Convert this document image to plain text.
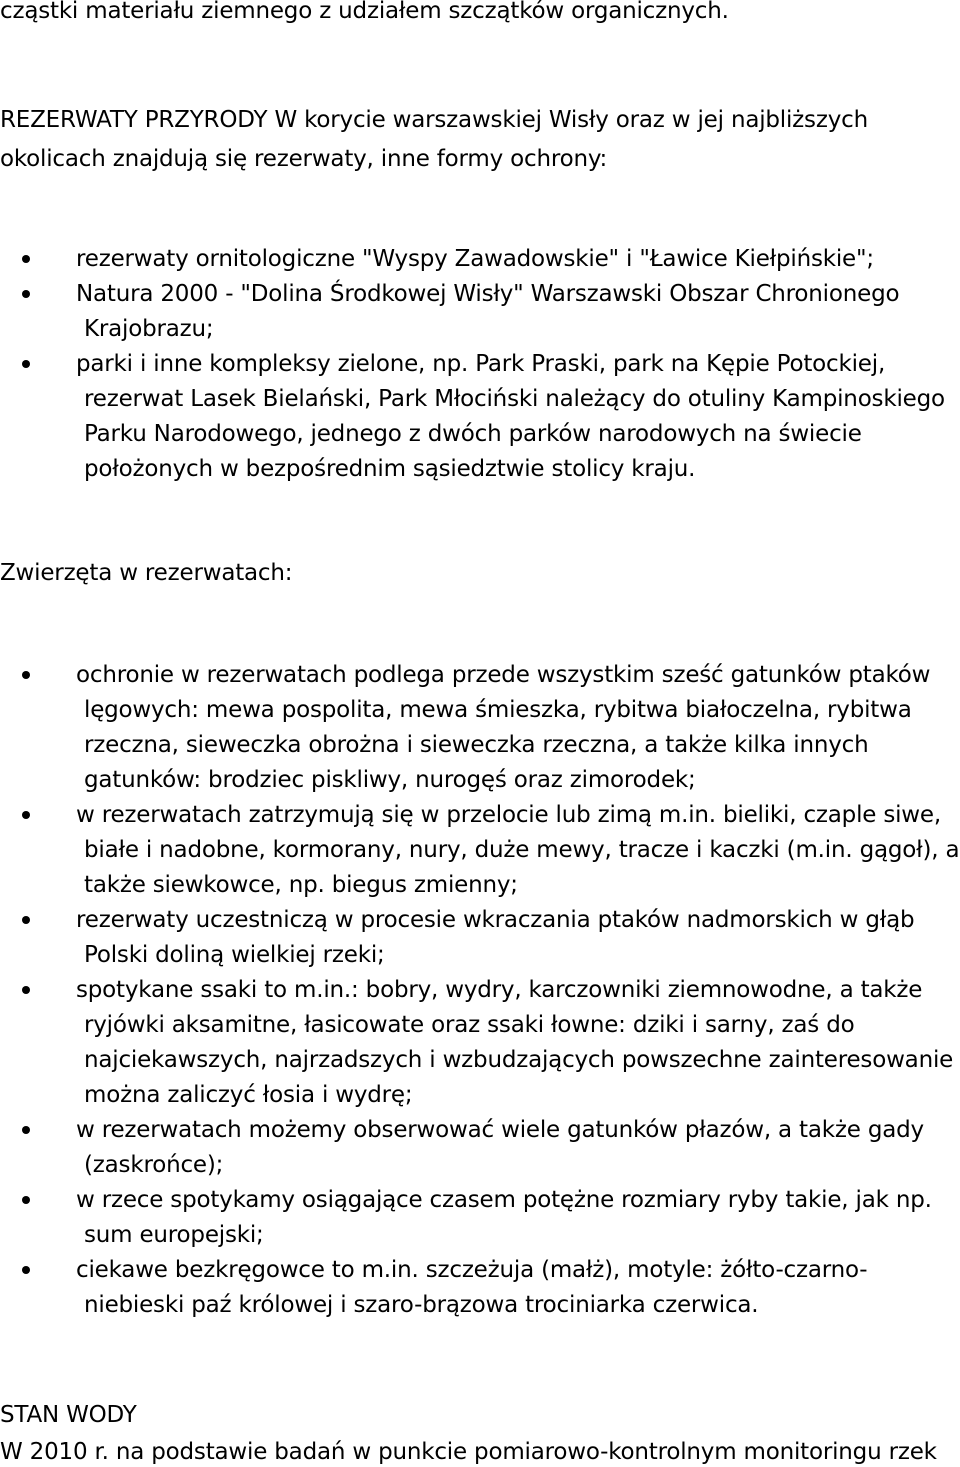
cząstki materiału ziemnego z udziałem szczątków organicznych.
REZERWATY PRZYRODY W korycie warszawskiej Wisły oraz w jej najbliższych
okolicach znajdują się rezerwaty, inne formy ochrony:
rezerwaty ornitologiczne "Wyspy Zawadowskie" i "Ławice Kiełpińskie";
Natura 2000 - "Dolina Środkowej Wisły" Warszawski Obszar Chronionego Krajobrazu;
parki i inne kompleksy zielone, np. Park Praski, park na Kępie Potockiej, rezerwat Lasek Bielański, Park Młociński należący do otuliny Kampinoskiego Parku Narodowego, jednego z dwóch parków narodowych na świecie położonych w bezpośrednim sąsiedztwie stolicy kraju.
Zwierzęta w rezerwatach:
ochronie w rezerwatach podlega przede wszystkim sześć gatunków ptaków lęgowych: mewa pospolita, mewa śmieszka, rybitwa białoczelna, rybitwa rzeczna, sieweczka obrożna i sieweczka rzeczna, a także kilka innych gatunków: brodziec piskliwy, nurogęś oraz zimorodek;
w rezerwatach zatrzymują się w przelocie lub zimą m.in. bieliki, czaple siwe, białe i nadobne, kormorany, nury, duże mewy, tracze i kaczki (m.in. gągoł), a także siewkowce, np. biegus zmienny;
rezerwaty uczestniczą w procesie wkraczania ptaków nadmorskich w głąb Polski doliną wielkiej rzeki;
spotykane ssaki to m.in.: bobry, wydry, karczowniki ziemnowodne, a także ryjówki aksamitne, łasicowate oraz ssaki łowne: dziki i sarny, zaś do najciekawszych, najrzadszych i wzbudzających powszechne zainteresowanie można zaliczyć łosia i wydrę;
w rezerwatach możemy obserwować wiele gatunków płazów, a także gady (zaskrońce);
w rzece spotykamy osiągające czasem potężne rozmiary ryby takie, jak np. sum europejski;
ciekawe bezkręgowce to m.in. szczeżuja (małż), motyle: żółto-czarno-niebieski paź królowej i szaro-brązowa trociniarka czerwica.
STAN WODY
W 2010 r. na podstawie badań w punkcie pomiarowo-kontrolnym monitoringu rzek
